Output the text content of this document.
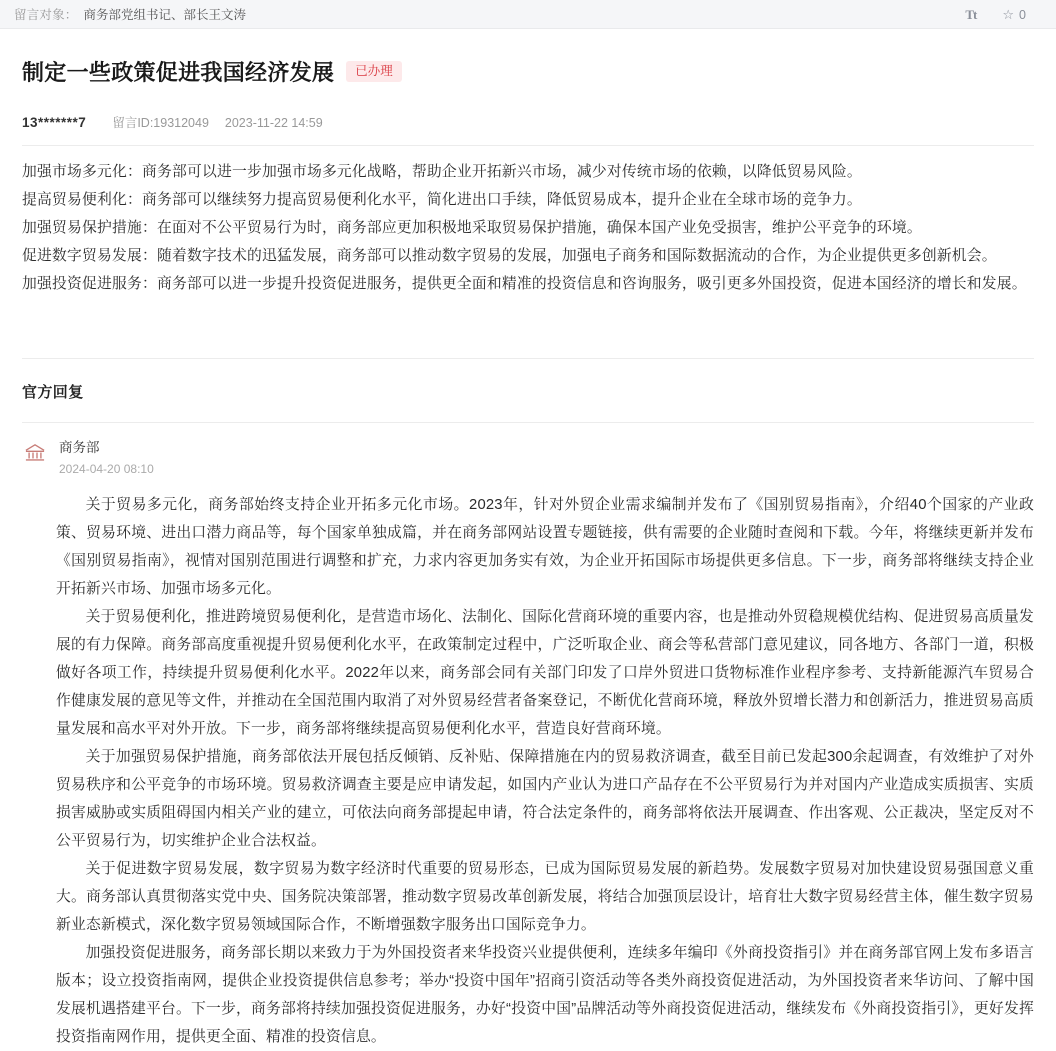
留言对象： 商务部党组书记、部长王文涛	Tt	☆ 0
制定一些政策促进我国经济发展	已办理
13*******7 留言ID:19312049 2023-11-22 14:59

加强市场多元化：商务部可以进一步加强市场多元化战略，帮助企业开拓新兴市场，减少对传统市场的依赖，以降低贸易风险。

提高贸易便利化：商务部可以继续努力提高贸易便利化水平，简化进出口手续，降低贸易成本，提升企业在全球市场的竞争力。

加强贸易保护措施：在面对不公平贸易行为时，商务部应更加积极地采取贸易保护措施，确保本国产业免受损害，维护公平竞争的环境。

促进数字贸易发展：随着数字技术的迅猛发展，商务部可以推动数字贸易的发展，加强电子商务和国际数据流动的合作，为企业提供更多创新机会。

加强投资促进服务：商务部可以进一步提升投资促进服务，提供更全面和精准的投资信息和咨询服务，吸引更多外国投资，促进本国经济的增长和发展。

官方回复
商务部
2024-04-20 08:10

关于贸易多元化，商务部始终支持企业开拓多元化市场。2023年，针对外贸企业需求编制并发布了《国别贸易指南》，介绍40个国家的产业政策、贸易环境、进出口潜力商品等，每个国家单独成篇，并在商务部网站设置专题链接，供有需要的企业随时查阅和下载。今年，将继续更新并发布《国别贸易指南》，视情对国别范围进行调整和扩充，力求内容更加务实有效，为企业开拓国际市场提供更多信息。下一步，商务部将继续支持企业开拓新兴市场、加强市场多元化。

关于贸易便利化，推进跨境贸易便利化，是营造市场化、法制化、国际化营商环境的重要内容，也是推动外贸稳规模优结构、促进贸易高质量发展的有力保障。商务部高度重视提升贸易便利化水平，在政策制定过程中，广泛听取企业、商会等私营部门意见建议，同各地方、各部门一道，积极做好各项工作，持续提升贸易便利化水平。2022年以来，商务部会同有关部门印发了口岸外贸进口货物标准作业程序参考、支持新能源汽车贸易合作健康发展的意见等文件，并推动在全国范围内取消了对外贸易经营者备案登记，不断优化营商环境，释放外贸增长潜力和创新活力，推进贸易高质量发展和高水平对外开放。下一步，商务部将继续提高贸易便利化水平，营造良好营商环境。

关于加强贸易保护措施，商务部依法开展包括反倾销、反补贴、保障措施在内的贸易救济调查，截至目前已发起300余起调查，有效维护了对外贸易秩序和公平竞争的市场环境。贸易救济调查主要是应申请发起，如国内产业认为进口产品存在不公平贸易行为并对国内产业造成实质损害、实质损害威胁或实质阻碍国内相关产业的建立，可依法向商务部提起申请，符合法定条件的，商务部将依法开展调查、作出客观、公正裁决，坚定反对不公平贸易行为，切实维护企业合法权益。

关于促进数字贸易发展，数字贸易为数字经济时代重要的贸易形态，已成为国际贸易发展的新趋势。发展数字贸易对加快建设贸易强国意义重大。商务部认真贯彻落实党中央、国务院决策部署，推动数字贸易改革创新发展，将结合加强顶层设计，培育壮大数字贸易经营主体，催生数字贸易新业态新模式，深化数字贸易领域国际合作，不断增强数字服务出口国际竞争力。

加强投资促进服务，商务部长期以来致力于为外国投资者来华投资兴业提供便利，连续多年编印《外商投资指引》并在商务部官网上发布多语言版本；设立投资指南网，提供企业投资提供信息参考；举办“投资中国年”招商引资活动等各类外商投资促进活动，为外国投资者来华访问、了解中国发展机遇搭建平台。下一步，商务部将持续加强投资促进服务，办好“投资中国”品牌活动等外商投资促进活动，继续发布《外商投资指引》，更好发挥投资指南网作用，提供更全面、精准的投资信息。
